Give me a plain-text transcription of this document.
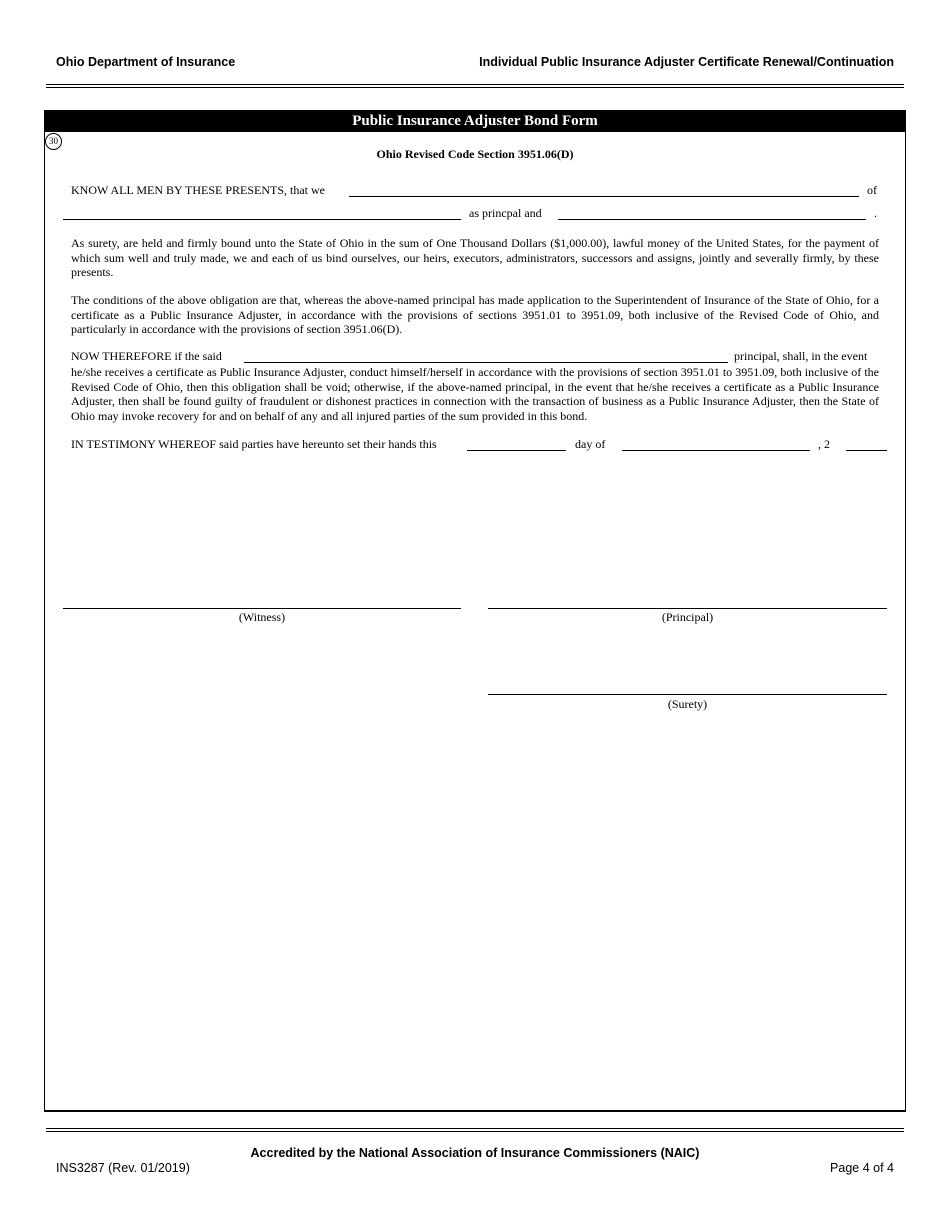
Ohio Department of Insurance	Individual Public Insurance Adjuster Certificate Renewal/Continuation
Public Insurance Adjuster Bond Form
30
Ohio Revised Code Section 3951.06(D)
KNOW ALL MEN BY THESE PRESENTS, that we	of
as princpal and	.
As surety, are held and firmly bound unto the State of Ohio in the sum of One Thousand Dollars ($1,000.00), lawful money of the United States, for the payment of which sum well and truly made, we and each of us bind ourselves, our heirs, executors, administrators, successors and assigns, jointly and severally firmly, by these presents.
The conditions of the above obligation are that, whereas the above-named principal has made application to the Superintendent of Insurance of the State of Ohio, for a certificate as a Public Insurance Adjuster, in accordance with the provisions of sections 3951.01 to 3951.09, both inclusive of the Revised Code of Ohio, and particularly in accordance with the provisions of section 3951.06(D).
NOW THEREFORE if the said	principal, shall, in the event
he/she receives a certificate as Public Insurance Adjuster, conduct himself/herself in accordance with the provisions of section 3951.01 to 3951.09, both inclusive of the Revised Code of Ohio, then this obligation shall be void; otherwise, if the above-named principal, in the event that he/she receives a certificate as a Public Insurance Adjuster, then shall be found guilty of fraudulent or dishonest practices in connection with the transaction of business as a Public Insurance Adjuster, then the State of Ohio may invoke recovery for and on behalf of any and all injured parties of the sum provided in this bond.
IN TESTIMONY WHEREOF said parties have hereunto set their hands this	day of	, 2
(Witness)	(Principal)
(Surety)
Accredited by the National Association of Insurance Commissioners (NAIC)
INS3287 (Rev. 01/2019)	Page 4 of 4
